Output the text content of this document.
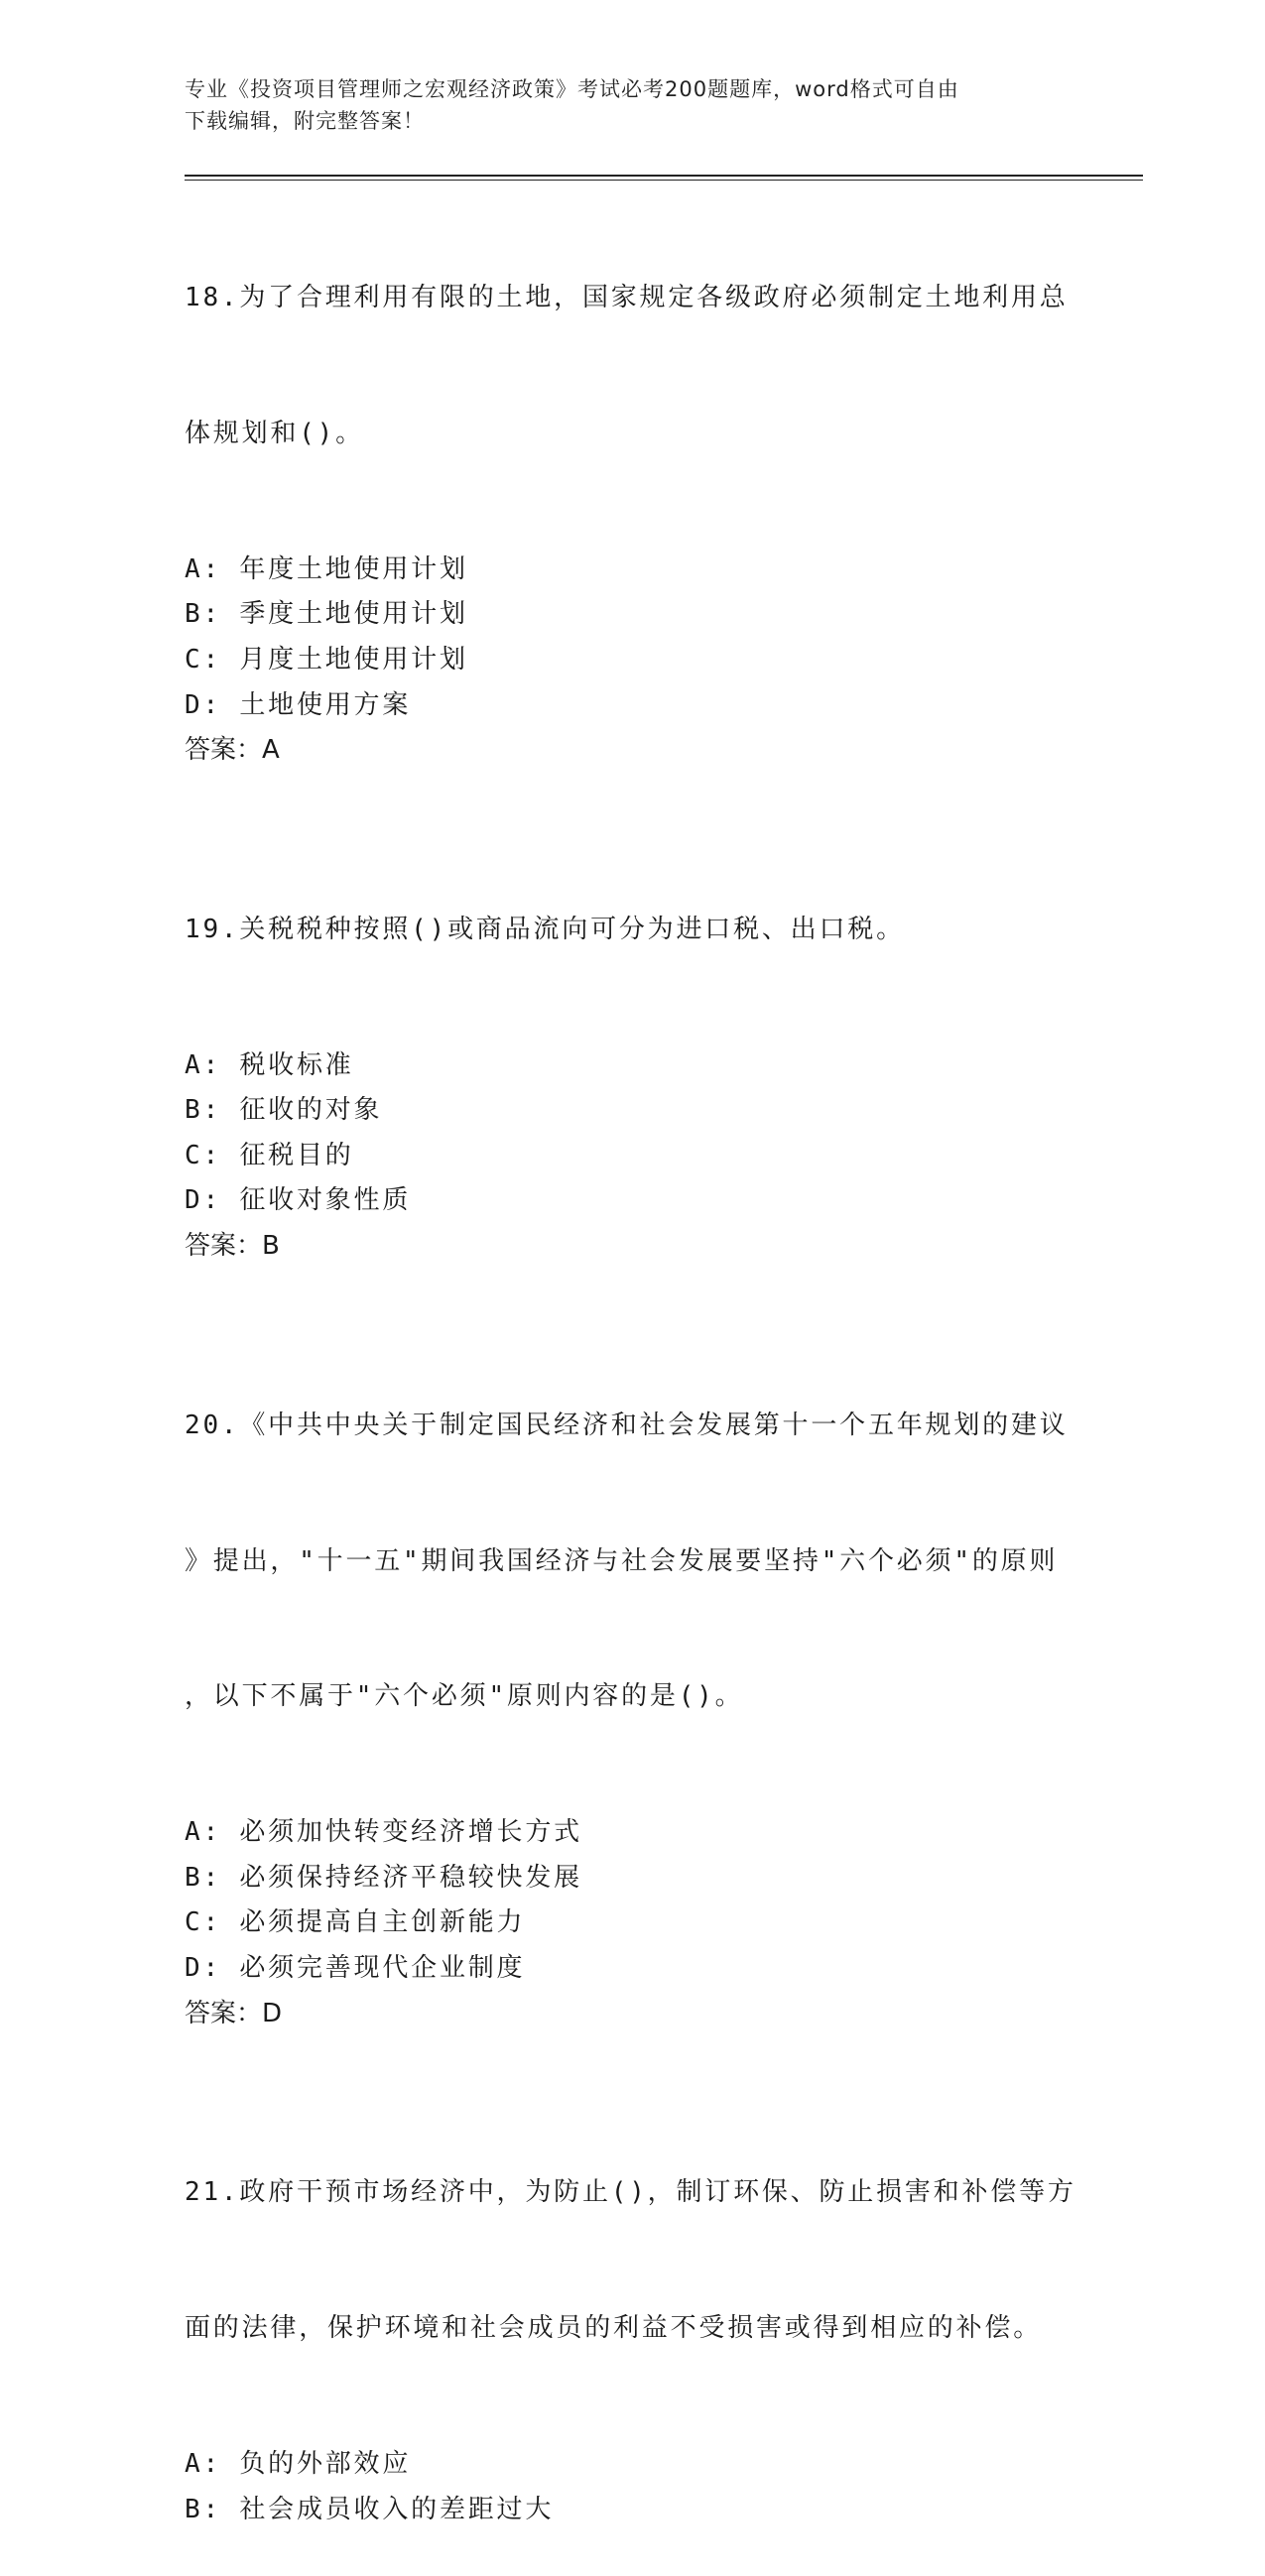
专业《投资项目管理师之宏观经济政策》考试必考200题题库，word格式可自由
下载编辑，附完整答案！

18.为了合理利用有限的土地，国家规定各级政府必须制定土地利用总

体规划和()。

A: 年度土地使用计划
B: 季度土地使用计划
C: 月度土地使用计划
D: 土地使用方案
答案：A

19.关税税种按照()或商品流向可分为进口税、出口税。

A: 税收标准
B: 征收的对象
C: 征税目的
D: 征收对象性质
答案：B

20.《中共中央关于制定国民经济和社会发展第十一个五年规划的建议

》提出，"十一五"期间我国经济与社会发展要坚持"六个必须"的原则

，以下不属于"六个必须"原则内容的是()。

A: 必须加快转变经济增长方式
B: 必须保持经济平稳较快发展
C: 必须提高自主创新能力
D: 必须完善现代企业制度
答案：D

21.政府干预市场经济中，为防止()，制订环保、防止损害和补偿等方

面的法律，保护环境和社会成员的利益不受损害或得到相应的补偿。

A: 负的外部效应
B: 社会成员收入的差距过大
